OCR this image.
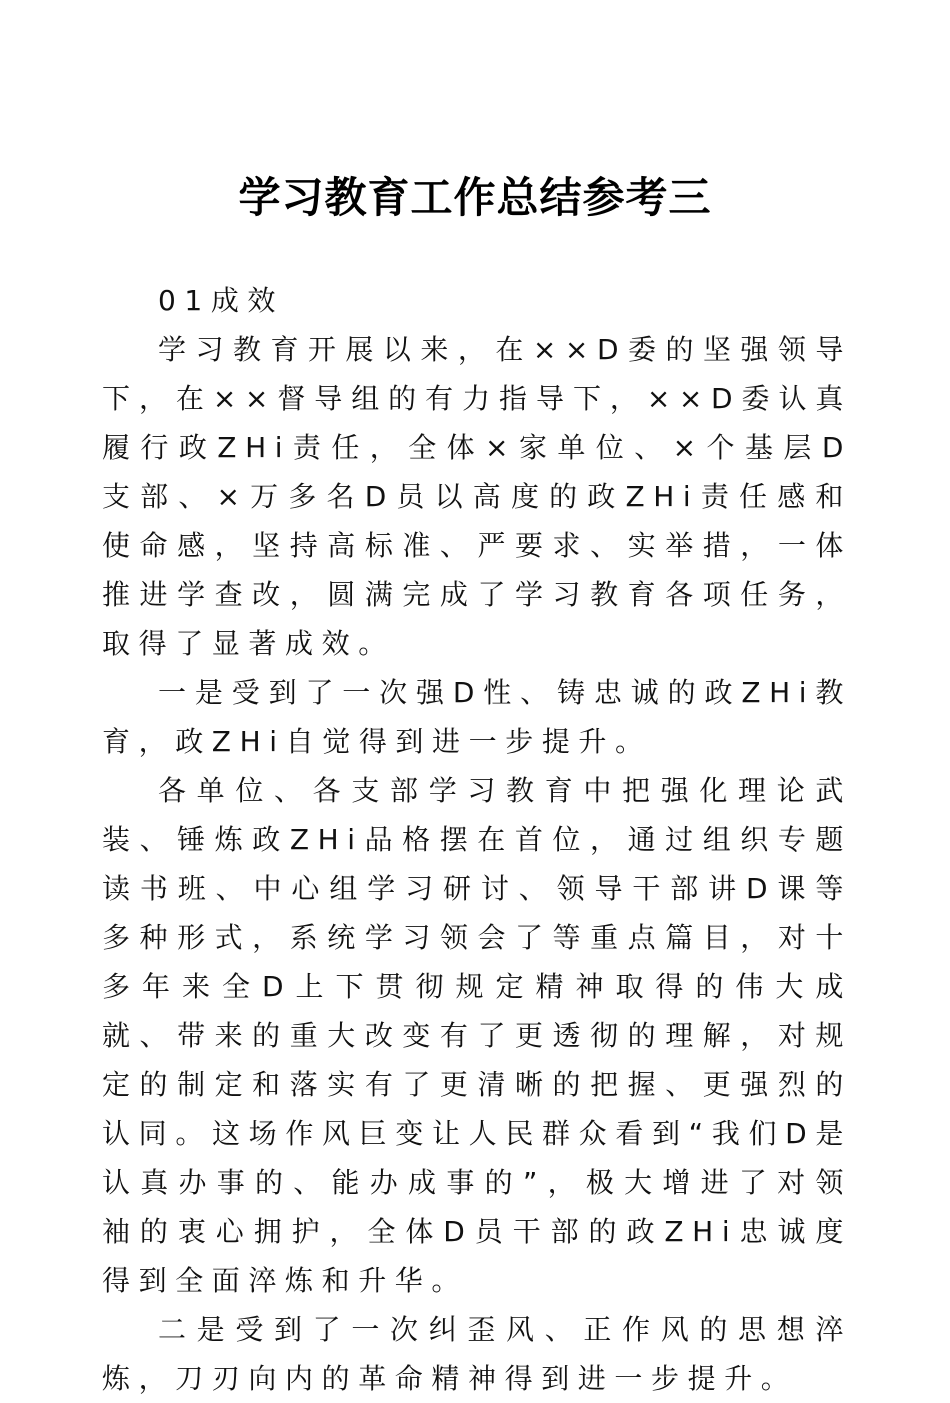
学习教育工作总结参考三

01成效

学习教育开展以来，在××D委的坚强领导下，在××督导组的有力指导下，××D委认真履行政ZHi责任，全体×家单位、×个基层D支部、×万多名D员以高度的政ZHi责任感和使命感，坚持高标准、严要求、实举措，一体推进学查改，圆满完成了学习教育各项任务，取得了显著成效。

一是受到了一次强D性、铸忠诚的政ZHi教育，政ZHi自觉得到进一步提升。

各单位、各支部学习教育中把强化理论武装、锤炼政ZHi品格摆在首位，通过组织专题读书班、中心组学习研讨、领导干部讲D课等多种形式，系统学习领会了等重点篇目，对十多年来全D上下贯彻规定精神取得的伟大成就、带来的重大改变有了更透彻的理解，对规定的制定和落实有了更清晰的把握、更强烈的认同。这场作风巨变让人民群众看到“我们D是认真办事的、能办成事的”，极大增进了对领袖的衷心拥护，全体D员干部的政ZHi忠诚度得到全面淬炼和升华。

二是受到了一次纠歪风、正作风的思想淬炼，刀刃向内的革命精神得到进一步提升。
